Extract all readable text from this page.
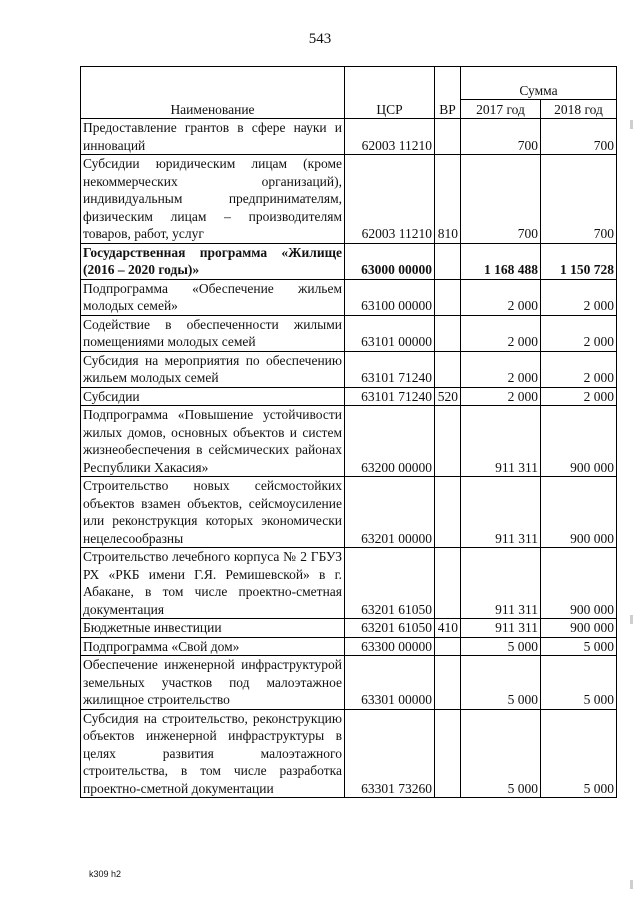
543
Наименование	ЦСР	ВР	Сумма	
			2017 год	2018 год
Предоставление грантов в сфере науки и инноваций	62003 11210		700	700
Субсидии юридическим лицам (кроме некоммерческих организаций), индивидуальным предпринимателям, физическим лицам – производителям товаров, работ, услуг	62003 11210	810	700	700
Государственная программа «Жилище (2016 – 2020 годы)»	63000 00000		1 168 488	1 150 728
Подпрограмма «Обеспечение жильем молодых семей»	63100 00000		2 000	2 000
Содействие в обеспеченности жилыми помещениями молодых семей	63101 00000		2 000	2 000
Субсидия на мероприятия по обеспечению жильем молодых семей	63101 71240		2 000	2 000
Субсидии	63101 71240	520	2 000	2 000
Подпрограмма «Повышение устойчивости жилых домов, основных объектов и систем жизнеобеспечения в сейсмических районах Республики Хакасия»	63200 00000		911 311	900 000
Строительство новых сейсмостойких объектов взамен объектов, сейсмоусиление или реконструкция которых экономически нецелесообразны	63201 00000		911 311	900 000
Строительство лечебного корпуса № 2 ГБУЗ РХ «РКБ имени Г.Я. Ремишевской» в г. Абакане, в том числе проектно-сметная документация	63201 61050		911 311	900 000
Бюджетные инвестиции	63201 61050	410	911 311	900 000
Подпрограмма «Свой дом»	63300 00000		5 000	5 000
Обеспечение инженерной инфраструктурой земельных участков под малоэтажное жилищное строительство	63301 00000		5 000	5 000
Субсидия на строительство, реконструкцию объектов инженерной инфраструктуры в целях развития малоэтажного строительства, в том числе разработка проектно-сметной документации	63301 73260		5 000	5 000
k309 h2
